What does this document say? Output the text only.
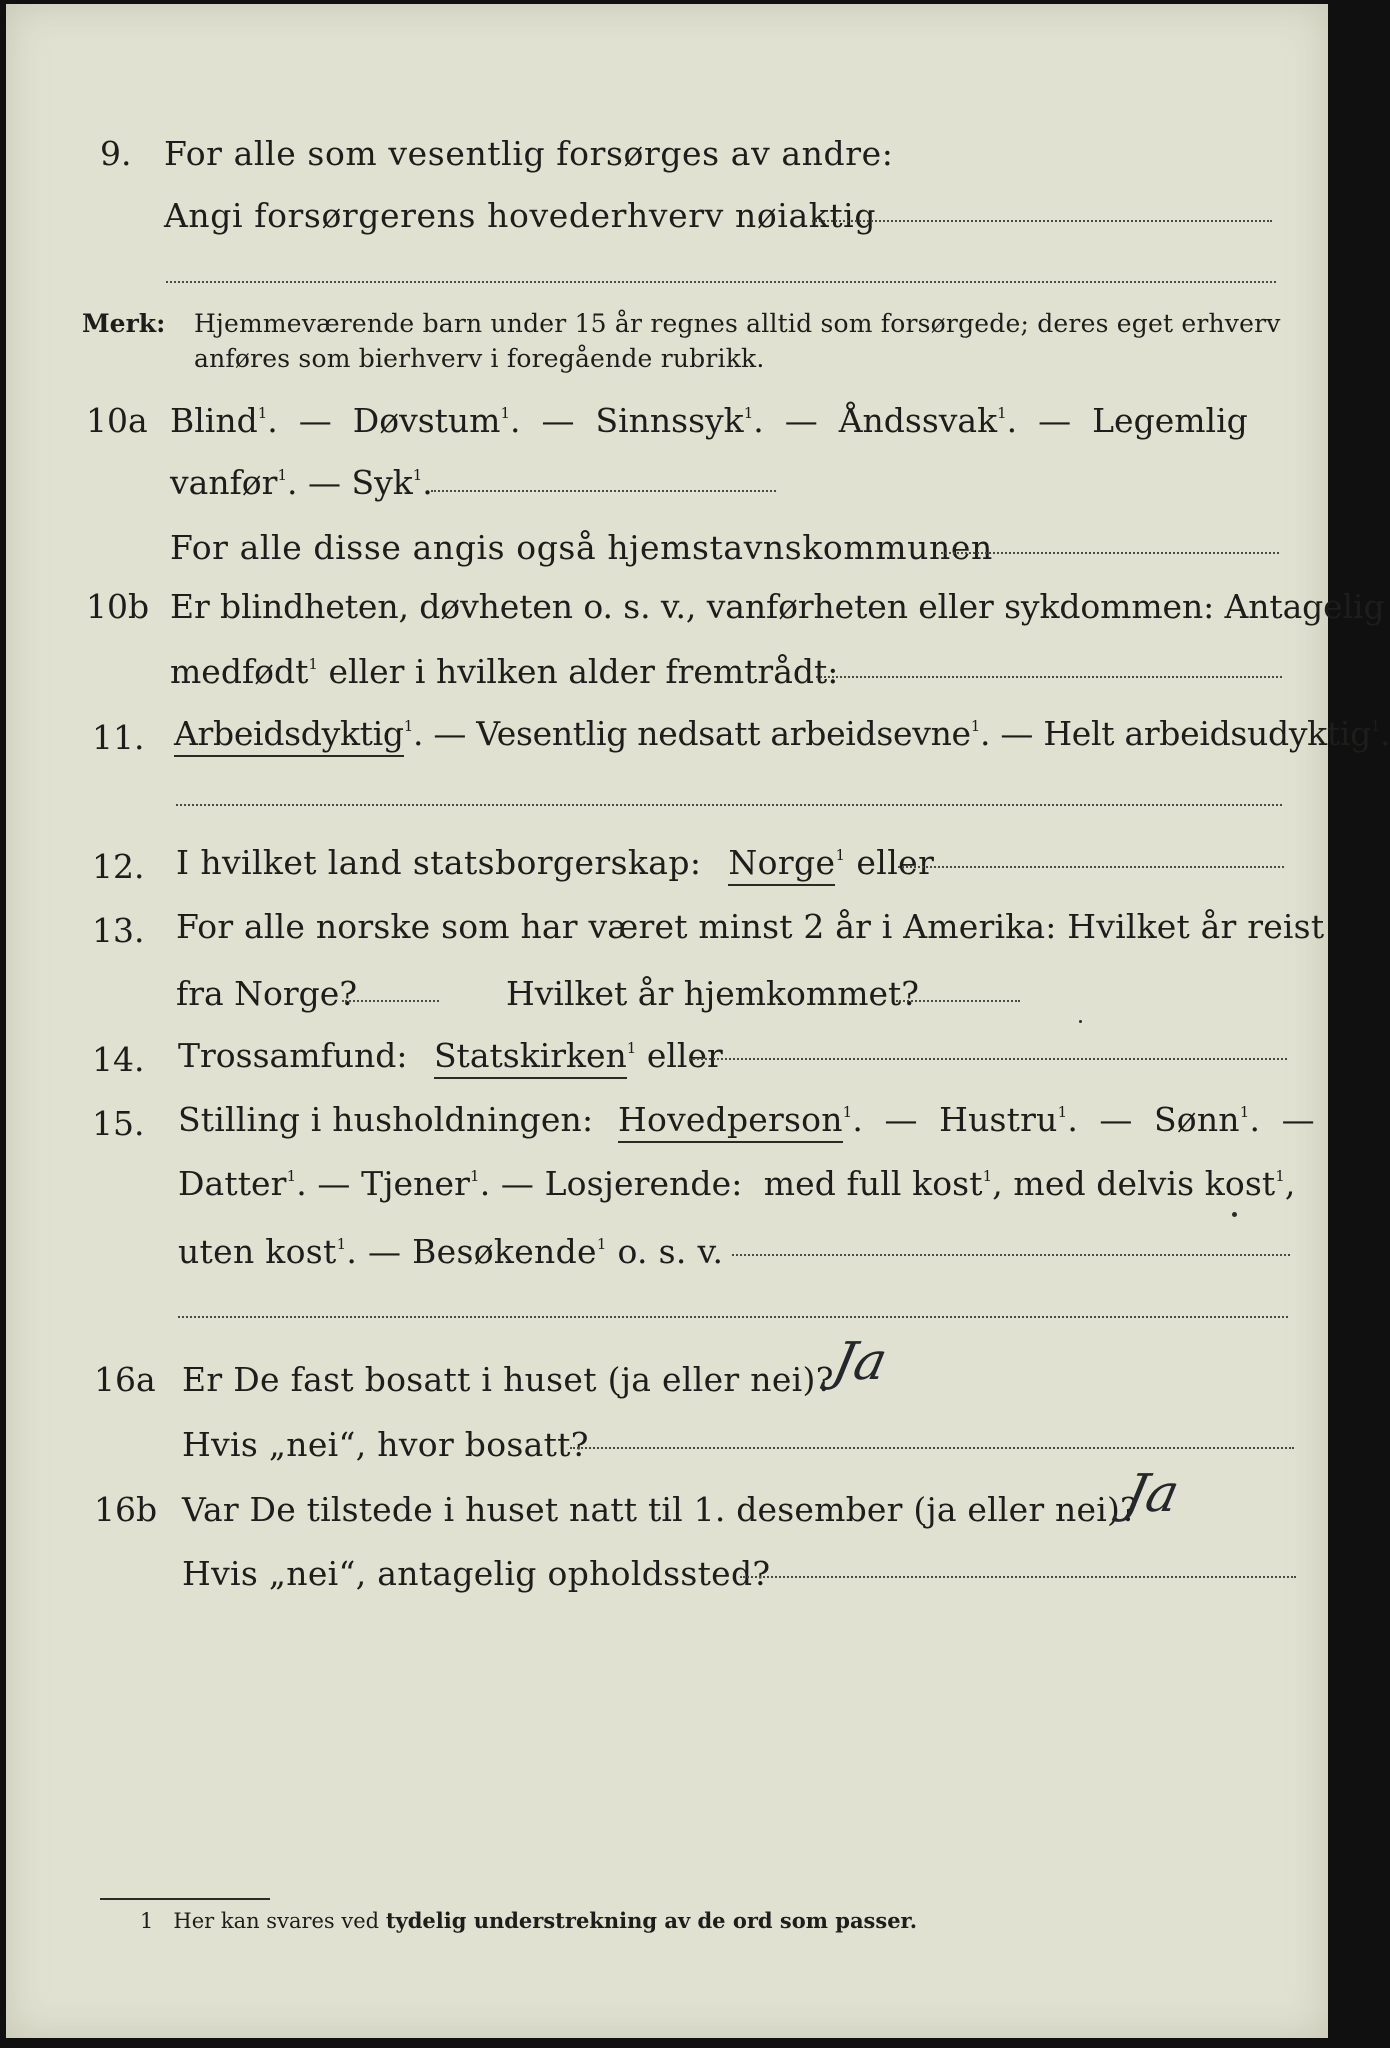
9. For alle som vesentlig forsørges av andre:
Angi forsørgerens hovederhverv nøiaktig
Merk: Hjemmeværende barn under 15 år regnes alltid som forsørgede; deres eget erhverv
anføres som bierhverv i foregående rubrikk.
10a Blind$^1$.  — Døvstum$^1$.  — Sinnssyk$^1$.  — Åndssvak$^1$.  — Legemlig
vanfør$^1$. — Syk$^1$.
For alle disse angis også hjemstavnskommunen
10b Er blindheten, døvheten o. s. v., vanførheten eller sykdommen: Antagelig
medfødt$^1$ eller i hvilken alder fremtrådt:
11. Arbeidsdyktig$^1$. — Vesentlig nedsatt arbeidsevne$^1$. — Helt arbeidsudyktig$^1$.
12. I hvilket land statsborgerskap: Norge$^1$ eller
13. For alle norske som har været minst 2 år i Amerika: Hvilket år reist
fra Norge?	Hvilket år hjemkommet?
14. Trossamfund: Statskirken$^1$ eller
15. Stilling i husholdningen: Hovedperson$^1$.  — Hustru$^1$.  — Sønn$^1$.  —
Datter$^1$. — Tjener$^1$. — Losjerende: med full kost$^1$, med delvis kost$^1$,
uten kost$^1$. — Besøkende$^1$ o. s. v.
16a Er De fast bosatt i huset (ja eller nei)?
Ja
Hvis „nei“, hvor bosatt?
16b Var De tilstede i huset natt til 1. desember (ja eller nei)?
Ja
Hvis „nei“, antagelig opholdssted?
1 Her kan svares ved tydelig understrekning av de ord som passer.
